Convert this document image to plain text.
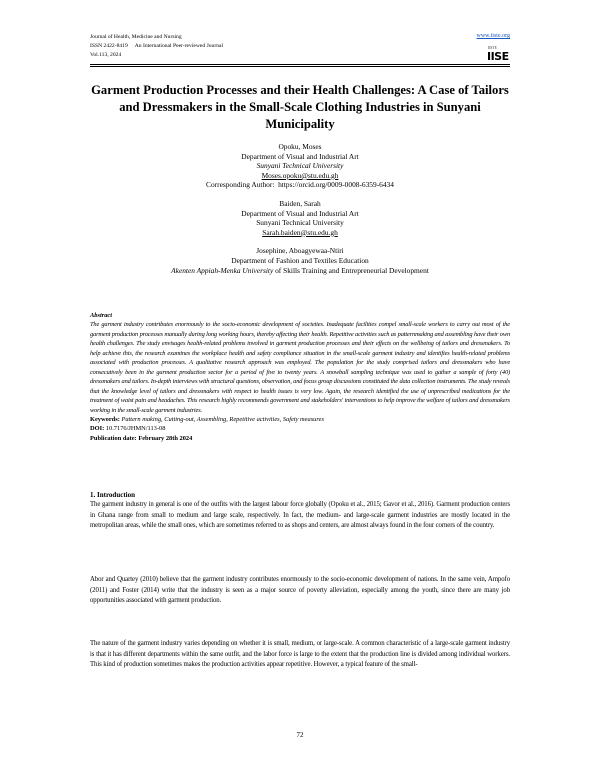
Journal of Health, Medicine and Nursing
ISSN 2422-8419 An International Peer-reviewed Journal
Vol.113, 2024
www.iiste.org
IISTE
IISE
Garment Production Processes and their Health Challenges: A Case of Tailors and Dressmakers in the Small-Scale Clothing Industries in Sunyani Municipality
Opoku, Moses
Department of Visual and Industrial Art
Sunyani Technical University
Moses.opoku@stu.edu.gh
Corresponding Author:  https://orcid.org/0009-0008-6359-6434
Baiden, Sarah
Department of Visual and Industrial Art
Sunyani Technical University
Sarah.baiden@stu.edu.gh
Josephine, Aboagyewaa-Ntiri
Department of Fashion and Textiles Education
Akenten Appiah-Menka University of Skills Training and Entrepreneurial Development
Abstract
The garment industry contributes enormously to the socio-economic development of societies. Inadequate facilities compel small-scale workers to carry out most of the garment production processes manually during long working hours, thereby affecting their health. Repetitive activities such as patternmaking and assembling have their own health challenges. The study envisages health-related problems involved in garment production processes and their effects on the wellbeing of tailors and dressmakers. To help achieve this, the research examines the workplace health and safety compliance situation in the small-scale garment industry and identifies health-related problems associated with production processes. A qualitative research approach was employed. The population for the study comprised tailors and dressmakers who have consecutively been in the garment production sector for a period of five to twenty years. A snowball sampling technique was used to gather a sample of forty (40) dressmakers and tailors. In-depth interviews with structural questions, observation, and focus group discussions constituted the data collection instruments. The study reveals that the knowledge level of tailors and dressmakers with respect to health issues is very low. Again, the research identified the use of unprescribed medications for the treatment of waist pain and headaches. This research highly recommends government and stakeholders' interventions to help improve the welfare of tailors and dressmakers working in the small-scale garment industries.
Keywords: Pattern making, Cutting-out, Assembling, Repetitive activities, Safety measures
DOI: 10.7176/JHMN/113-08
Publication date: February 28th 2024
1. Introduction
The garment industry in general is one of the outfits with the largest labour force globally (Opoku et al., 2015; Gavor et al., 2016). Garment production centers in Ghana range from small to medium and large scale, respectively. In fact, the medium- and large-scale garment industries are mostly located in the metropolitan areas, while the small ones, which are sometimes referred to as shops and centers, are almost always found in the four corners of the country.
Abor and Quartey (2010) believe that the garment industry contributes enormously to the socio-economic development of nations. In the same vein, Ampofo (2011) and Foster (2014) write that the industry is seen as a major source of poverty alleviation, especially among the youth, since there are many job opportunities associated with garment production.
The nature of the garment industry varies depending on whether it is small, medium, or large-scale. A common characteristic of a large-scale garment industry is that it has different departments within the same outfit, and the labor force is large to the extent that the production line is divided among individual workers. This kind of production sometimes makes the production activities appear repetitive. However, a typical feature of the small-
72
